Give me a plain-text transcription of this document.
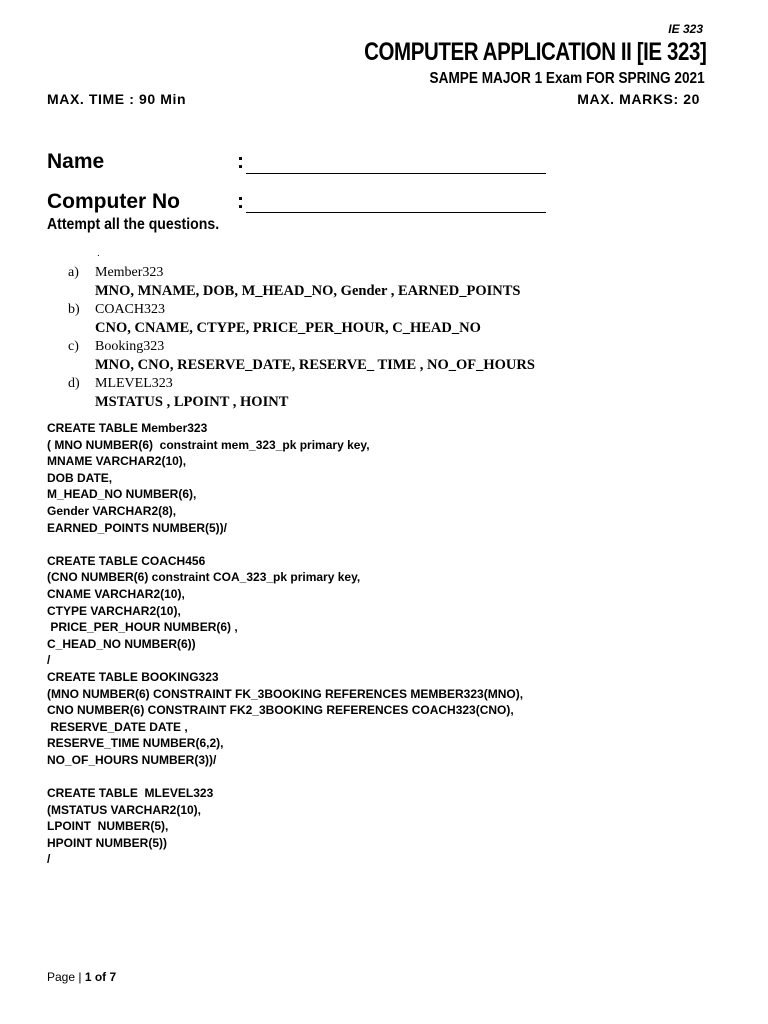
IE 323
COMPUTER APPLICATION II [IE 323]
SAMPE MAJOR 1 Exam FOR SPRING 2021
MAX. TIME : 90 Min	MAX. MARKS: 20
Name	:
Computer No	:
Attempt all the questions.
.
a)	Member323
MNO, MNAME, DOB, M_HEAD_NO, Gender , EARNED_POINTS
b)	COACH323
CNO, CNAME, CTYPE, PRICE_PER_HOUR, C_HEAD_NO
c)	Booking323
MNO, CNO, RESERVE_DATE, RESERVE_ TIME , NO_OF_HOURS
d)	MLEVEL323
MSTATUS , LPOINT , HOINT
CREATE TABLE Member323
( MNO NUMBER(6)  constraint mem_323_pk primary key,
MNAME VARCHAR2(10),
DOB DATE,
M_HEAD_NO NUMBER(6),
Gender VARCHAR2(8),
EARNED_POINTS NUMBER(5))/
CREATE TABLE COACH456
(CNO NUMBER(6) constraint COA_323_pk primary key,
CNAME VARCHAR2(10),
CTYPE VARCHAR2(10),
PRICE_PER_HOUR NUMBER(6) ,
C_HEAD_NO NUMBER(6))
/
CREATE TABLE BOOKING323
(MNO NUMBER(6) CONSTRAINT FK_3BOOKING REFERENCES MEMBER323(MNO),
CNO NUMBER(6) CONSTRAINT FK2_3BOOKING REFERENCES COACH323(CNO),
RESERVE_DATE DATE ,
RESERVE_TIME NUMBER(6,2),
NO_OF_HOURS NUMBER(3))/
CREATE TABLE  MLEVEL323
(MSTATUS VARCHAR2(10),
LPOINT  NUMBER(5),
HPOINT NUMBER(5))
/
Page | 1 of 7
